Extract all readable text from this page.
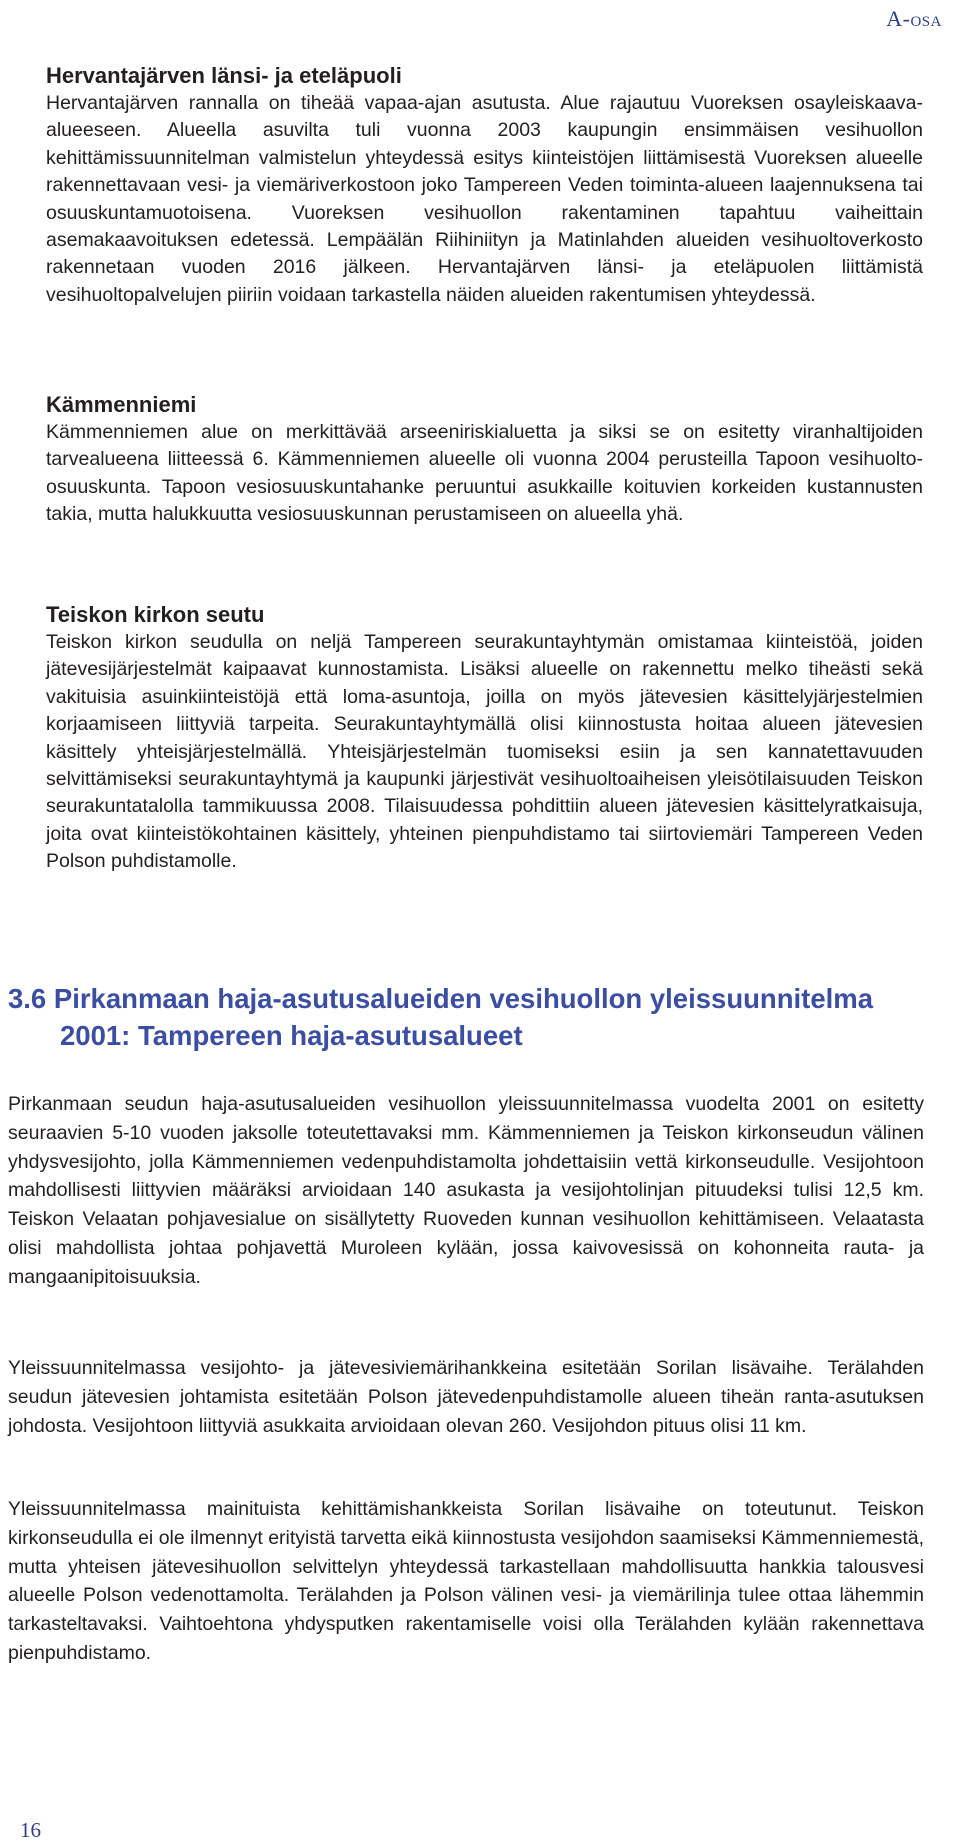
A-osa
Hervantajärven länsi- ja eteläpuoli

Hervantajärven rannalla on tiheää vapaa-ajan asutusta. Alue rajautuu Vuoreksen osayleiskaava-alueeseen. Alueella asuvilta tuli vuonna 2003 kaupungin ensimmäisen vesihuollon kehittämissuunnitelman valmistelun yhteydessä esitys kiinteistöjen liittämisestä Vuoreksen alueelle rakennettavaan vesi- ja viemäriverkostoon joko Tampereen Veden toiminta-alueen laajennuksena tai osuuskuntamuotoisena. Vuoreksen vesihuollon rakentaminen tapahtuu vaiheittain asemakaavoituksen edetessä. Lempäälän Riihiniityn ja Matinlahden alueiden vesihuoltoverkosto rakennetaan vuoden 2016 jälkeen. Hervantajärven länsi- ja eteläpuolen liittämistä vesihuoltopalvelujen piiriin voidaan tarkastella näiden alueiden rakentumisen yhteydessä.

Kämmenniemi

Kämmenniemen alue on merkittävää arseeniriskialuetta ja siksi se on esitetty viranhaltijoiden tarvealueena liitteessä 6. Kämmenniemen alueelle oli vuonna 2004 perusteilla Tapoon vesihuolto-osuuskunta. Tapoon vesiosuuskuntahanke peruuntui asukkaille koituvien korkeiden kustannusten takia, mutta halukkuutta vesiosuuskunnan perustamiseen on alueella yhä.

Teiskon kirkon seutu

Teiskon kirkon seudulla on neljä Tampereen seurakuntayhtymän omistamaa kiinteistöä, joiden jätevesijärjestelmät kaipaavat kunnostamista. Lisäksi alueelle on rakennettu melko tiheästi sekä vakituisia asuinkiinteistöjä että loma-asuntoja, joilla on myös jätevesien käsittelyjärjestelmien korjaamiseen liittyviä tarpeita. Seurakuntayhtymällä olisi kiinnostusta hoitaa alueen jätevesien käsittely yhteisjärjestelmällä. Yhteisjärjestelmän tuomiseksi esiin ja sen kannatettavuuden selvittämiseksi seurakuntayhtymä ja kaupunki järjestivät vesihuoltoaiheisen yleisötilaisuuden Teiskon seurakuntatalolla tammikuussa 2008. Tilaisuudessa pohdittiin alueen jätevesien käsittelyratkaisuja, joita ovat kiinteistökohtainen käsittely, yhteinen pienpuhdistamo tai siirtoviemäri Tampereen Veden Polson puhdistamolle.

3.6 Pirkanmaan haja-asutusalueiden vesihuollon yleissuunnitelma 2001: Tampereen haja-asutusalueet

Pirkanmaan seudun haja-asutusalueiden vesihuollon yleissuunnitelmassa vuodelta 2001 on esitetty seuraavien 5-10 vuoden jaksolle toteutettavaksi mm. Kämmenniemen ja Teiskon kirkonseudun välinen yhdysvesijohto, jolla Kämmenniemen vedenpuhdistamolta johdettaisiin vettä kirkonseudulle. Vesijohtoon mahdollisesti liittyvien määräksi arvioidaan 140 asukasta ja vesijohtolinjan pituudeksi tulisi 12,5 km. Teiskon Velaatan pohjavesialue on sisällytetty Ruoveden kunnan vesihuollon kehittämiseen. Velaatasta olisi mahdollista johtaa pohjavettä Muroleen kylään, jossa kaivovesissä on kohonneita rauta- ja mangaanipitoisuuksia.

Yleissuunnitelmassa vesijohto- ja jätevesiviemärihankkeina esitetään Sorilan lisävaihe. Terälahden seudun jätevesien johtamista esitetään Polson jätevedenpuhdistamolle alueen tiheän ranta-asutuksen johdosta. Vesijohtoon liittyviä asukkaita arvioidaan olevan 260. Vesijohdon pituus olisi 11 km.

Yleissuunnitelmassa mainituista kehittämishankkeista Sorilan lisävaihe on toteutunut. Teiskon kirkonseudulla ei ole ilmennyt erityistä tarvetta eikä kiinnostusta vesijohdon saamiseksi Kämmenniemestä, mutta yhteisen jätevesihuollon selvittelyn yhteydessä tarkastellaan mahdollisuutta hankkia talousvesi alueelle Polson vedenottamolta. Terälahden ja Polson välinen vesi- ja viemärilinja tulee ottaa lähemmin tarkasteltavaksi. Vaihtoehtona yhdysputken rakentamiselle voisi olla Terälahden kylään rakennettava pienpuhdistamo.

16
